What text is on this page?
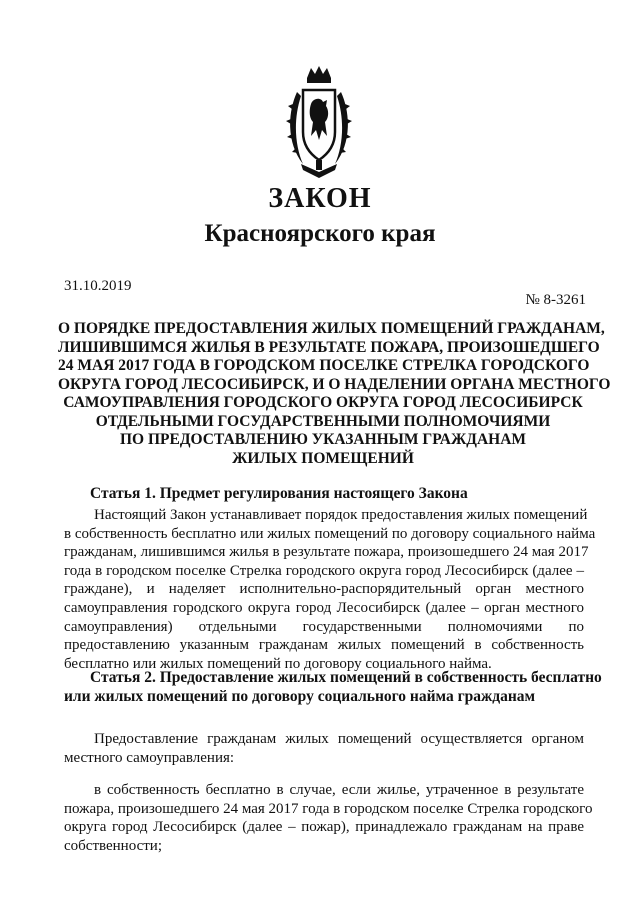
ЗАКОН
Красноярского края
31.10.2019
№ 8-3261
О ПОРЯДКЕ ПРЕДОСТАВЛЕНИЯ ЖИЛЫХ ПОМЕЩЕНИЙ ГРАЖДАНАМ,
ЛИШИВШИМСЯ ЖИЛЬЯ В РЕЗУЛЬТАТЕ ПОЖАРА, ПРОИЗОШЕДШЕГО
24 МАЯ 2017 ГОДА В ГОРОДСКОМ ПОСЕЛКЕ СТРЕЛКА ГОРОДСКОГО
ОКРУГА ГОРОД ЛЕСОСИБИРСК, И О НАДЕЛЕНИИ ОРГАНА МЕСТНОГО
САМОУПРАВЛЕНИЯ ГОРОДСКОГО ОКРУГА ГОРОД ЛЕСОСИБИРСК
ОТДЕЛЬНЫМИ ГОСУДАРСТВЕННЫМИ ПОЛНОМОЧИЯМИ
ПО ПРЕДОСТАВЛЕНИЮ УКАЗАННЫМ ГРАЖДАНАМ
ЖИЛЫХ ПОМЕЩЕНИЙ
Статья 1. Предмет регулирования настоящего Закона
Настоящий Закон устанавливает порядок предоставления жилых помещений
в собственность бесплатно или жилых помещений по договору социального найма
гражданам, лишившимся жилья в результате пожара, произошедшего 24 мая 2017
года в городском поселке Стрелка городского округа город Лесосибирск (далее –
граждане), и наделяет исполнительно-распорядительный орган местного
самоуправления городского округа город Лесосибирск (далее – орган местного
самоуправления) отдельными государственными полномочиями по
предоставлению указанным гражданам жилых помещений в собственность
бесплатно или жилых помещений по договору социального найма.
Статья 2. Предоставление жилых помещений в собственность бесплатно
или жилых помещений по договору социального найма гражданам
Предоставление гражданам жилых помещений осуществляется органом
местного самоуправления:
в собственность бесплатно в случае, если жилье, утраченное в результате
пожара, произошедшего 24 мая 2017 года в городском поселке Стрелка городского
округа город Лесосибирск (далее – пожар), принадлежало гражданам на праве
собственности;
